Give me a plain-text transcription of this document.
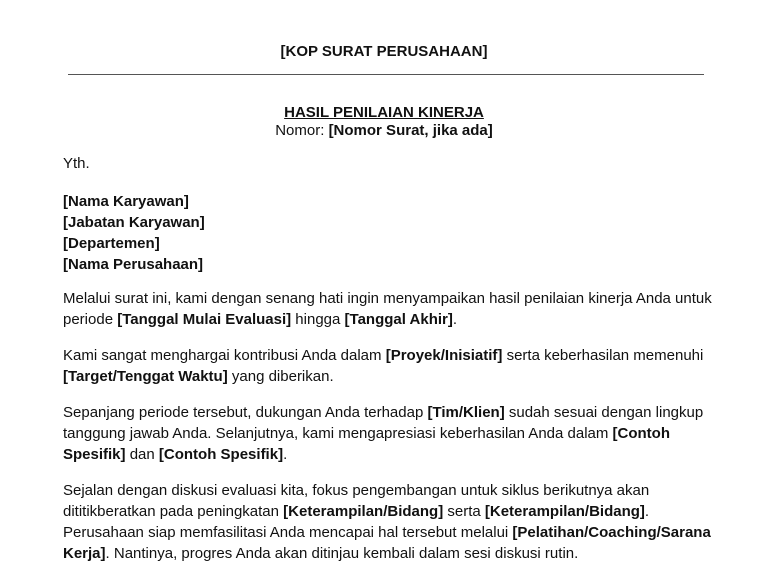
[KOP SURAT PERUSAHAAN]
HASIL PENILAIAN KINERJA
Nomor: [Nomor Surat, jika ada]
Yth.

[Nama Karyawan]

[Jabatan Karyawan]

[Departemen]

[Nama Perusahaan]

Melalui surat ini, kami dengan senang hati ingin menyampaikan hasil penilaian kinerja Anda untuk periode [Tanggal Mulai Evaluasi] hingga [Tanggal Akhir].

Kami sangat menghargai kontribusi Anda dalam [Proyek/Inisiatif] serta keberhasilan memenuhi [Target/Tenggat Waktu] yang diberikan.

Sepanjang periode tersebut, dukungan Anda terhadap [Tim/Klien] sudah sesuai dengan lingkup tanggung jawab Anda. Selanjutnya, kami mengapresiasi keberhasilan Anda dalam [Contoh Spesifik] dan [Contoh Spesifik].

Sejalan dengan diskusi evaluasi kita, fokus pengembangan untuk siklus berikutnya akan dititikberatkan pada peningkatan [Keterampilan/Bidang] serta [Keterampilan/Bidang]. Perusahaan siap memfasilitasi Anda mencapai hal tersebut melalui [Pelatihan/Coaching/Sarana Kerja]. Nantinya, progres Anda akan ditinjau kembali dalam sesi diskusi rutin.
